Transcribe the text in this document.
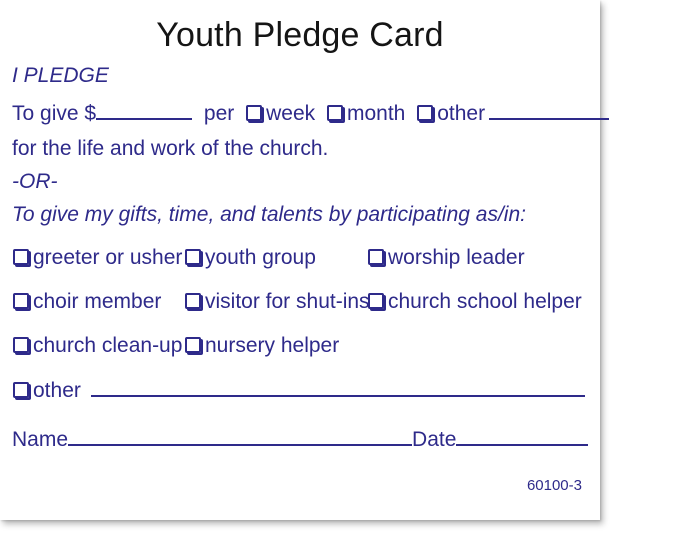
Youth Pledge Card
I PLEDGE
To give $	per week month other
for the life and work of the church.
-OR-
To give my gifts, time, and talents by participating as/in:
greeter or usher	youth group	worship leader
choir member	visitor for shut-ins church school helper
church clean-up	nursery helper
other
Name	Date
60100-3
